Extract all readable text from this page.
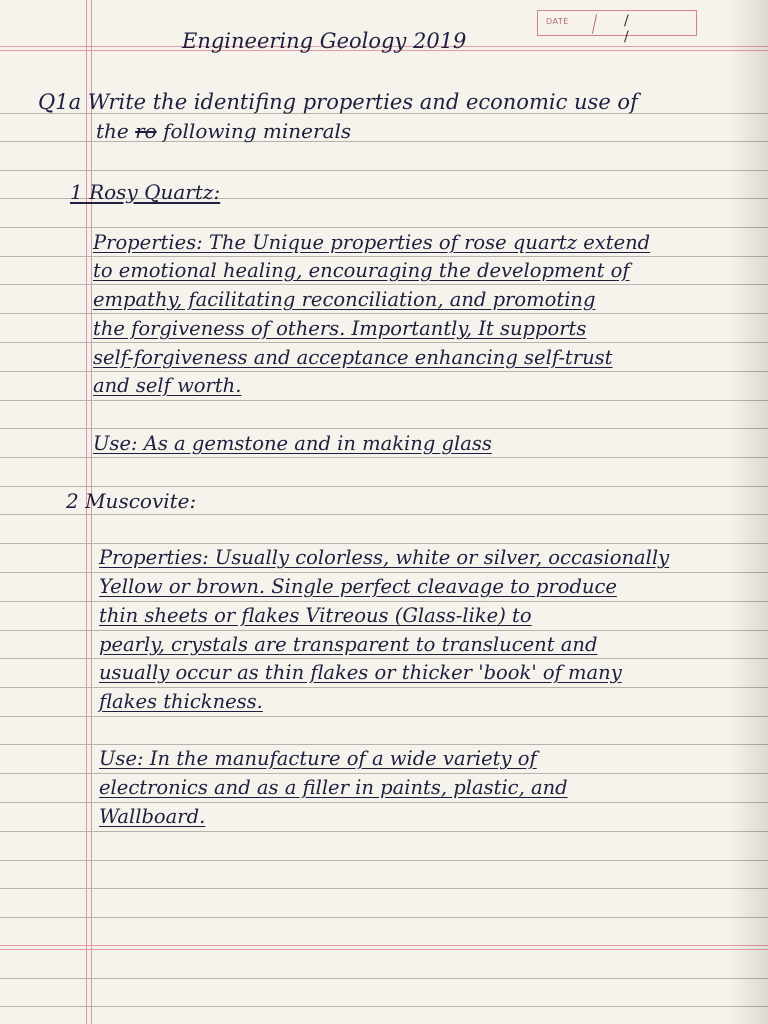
DATE	/ /
Engineering Geology 2019
Q1a Write the identifing properties and economic use of
the ro following minerals
1 Rosy Quartz:
Properties: The Unique properties of rose quartz extend
to emotional healing, encouraging the development of
empathy, facilitating reconciliation, and promoting
the forgiveness of others. Importantly, It supports
self-forgiveness and acceptance enhancing self-trust
and self worth.
Use: As a gemstone and in making glass
2 Muscovite:
Properties: Usually colorless, white or silver, occasionally
Yellow or brown. Single perfect cleavage to produce
thin sheets or flakes Vitreous (Glass-like) to
pearly, crystals are transparent to translucent and
usually occur as thin flakes or thicker 'book' of many
flakes thickness.
Use: In the manufacture of a wide variety of
electronics and as a filler in paints, plastic, and
Wallboard.
